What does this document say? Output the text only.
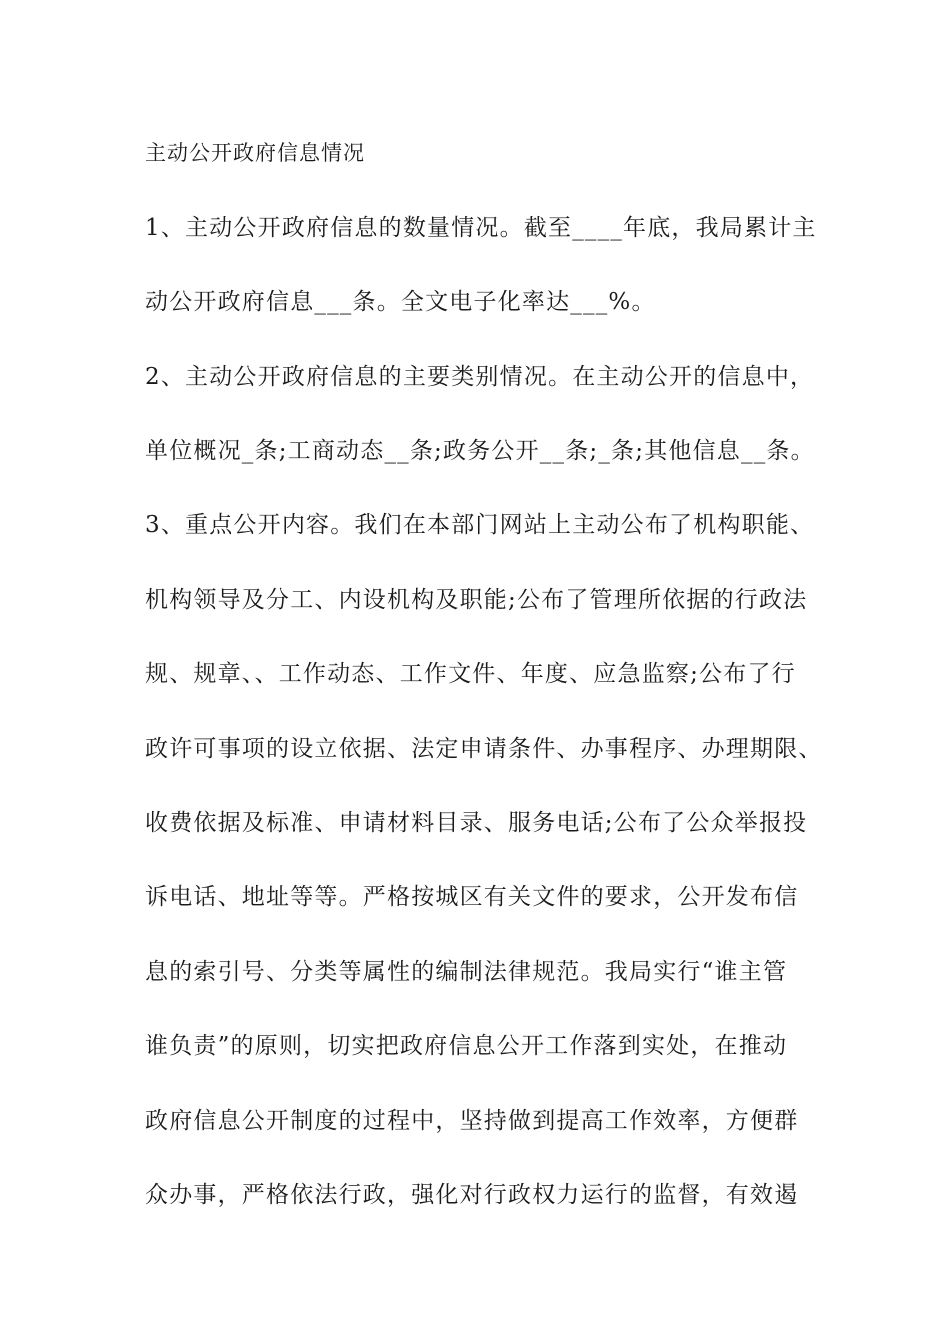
主动公开政府信息情况
1、主动公开政府信息的数量情况。截至____年底，我局累计主
动公开政府信息___条。全文电子化率达___%。
2、主动公开政府信息的主要类别情况。在主动公开的信息中，
单位概况_条;工商动态__条;政务公开__条;_条;其他信息__条。
3、重点公开内容。我们在本部门网站上主动公布了机构职能、
机构领导及分工、内设机构及职能;公布了管理所依据的行政法
规、规章、、工作动态、工作文件、年度、应急监察;公布了行
政许可事项的设立依据、法定申请条件、办事程序、办理期限、
收费依据及标准、申请材料目录、服务电话;公布了公众举报投
诉电话、地址等等。严格按城区有关文件的要求，公开发布信
息的索引号、分类等属性的编制法律规范。我局实行“谁主管
谁负责”的原则，切实把政府信息公开工作落到实处，在推动
政府信息公开制度的过程中，坚持做到提高工作效率，方便群
众办事，严格依法行政，强化对行政权力运行的监督，有效遏
